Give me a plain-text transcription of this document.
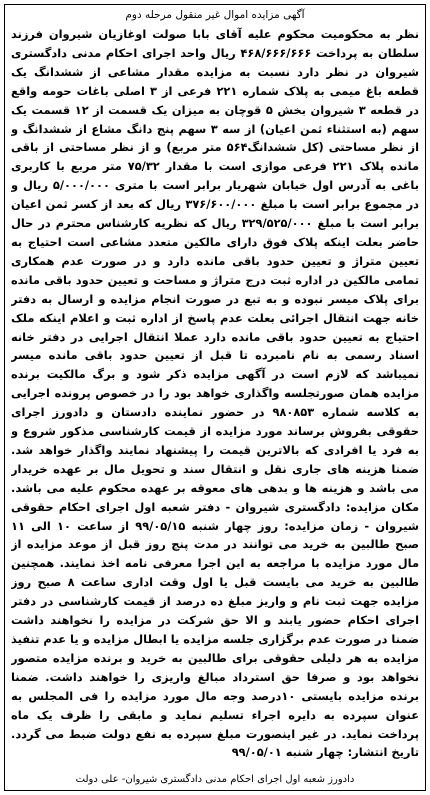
آگهی مزایده اموال غیر منقول مرحله دوم
نظر به محکومیت محکوم علیه آقای بابا صولت اوغازیان شیروان فرزند سلطان به پرداخت ۴۶۸/۶۶۶/۶۶۶ ریال واحد اجرای احکام مدنی دادگستری شیروان در نظر دارد نسبت به مزایده مقدار مشاعی از ششدانگ یک قطعه باغ میمی به پلاک شماره ۲۲۱ فرعی از ۳ اصلی باغات حومه واقع در قطعه ۳ شیروان بخش ۵ قوچان به میزان یک قسمت از ۱۲ قسمت یک سهم (به استثناء ثمن اعیان) از سه ۳ سهم پنج دانگ مشاع از ششدانگ و از نظر مساحتی (کل ششدانگ۵۶۴ متر مربع) و از نظر مساحتی از باقی مانده پلاک ۲۲۱ فرعی موازی است با مقدار ۷۵/۳۲ متر مربع با کاربری باغی به آدرس اول خیابان شهریار برابر است با متری ۵/۰۰۰/۰۰۰ ریال و در مجموع برابر است با مبلغ ۳۷۶/۶۰۰/۰۰۰ ریال که بعد از کسر ثمن اعیان برابر است با مبلغ ۳۲۹/۵۲۵/۰۰۰ ریال که نظریه کارشناس محترم در حال حاضر بعلت اینکه پلاک فوق دارای مالکین متعدد مشاعی است احتیاج به تعیین متراژ و تعیین حدود باقی مانده دارد و در صورت عدم همکاری تمامی مالکین در اداره ثبت درج متراژ و مساحت و تعیین حدود باقی مانده برای پلاک میسر نبوده و به تبع در صورت انجام مزایده و ارسال به دفتر خانه جهت انتقال اجرائی بعلت عدم پاسخ از اداره ثبت و اعلام اینکه ملک احتیاج به تعیین حدود باقی مانده دارد عملا انتقال اجرایی در دفتر خانه اسناد رسمی به نام نامبرده تا قبل از تعیین حدود باقی مانده میسر نمیباشد که لازم است در آگهی مزایده ذکر شود و برگ مالکیت برنده مزایده همان صورتجلسه واگذاری خواهد بود را در خصوص پرونده اجرایی به کلاسه شماره ۹۸۰۸۵۳ در حضور نماینده دادستان و دادورز اجرای حقوقی بفروش برساند مورد مزایده از قیمت کارشناسی مذکور شروع و به فرد یا افرادی که بالاترین قیمت را پیشنهاد نمایند واگذار خواهد شد. ضمنا هزینه های جاری نقل و انتقال سند و تحویل مال بر عهده خریدار می باشد و هزینه ها و بدهی های معوقه بر عهده محکوم علیه می باشد. مکان مزایده: دادگستری شیروان - دفتر شعبه اول اجرای احکام حقوقی شیروان - زمان مزایده: روز چهار شنبه ۹۹/۰۵/۱۵ از ساعت ۱۰ الی ۱۱ صبح طالبین به خرید می توانند در مدت پنج روز قبل از موعد مزایده از مال مورد مزایده با مراجعه به این اجرا معرفی نامه اخذ نمایند. همچنین طالبین به خرید می بایست قبل یا اول وقت اداری ساعت ۸ صبح روز مزایده جهت ثبت نام و واریز مبلغ ده درصد از قیمت کارشناسی در دفتر اجرای احکام حضور یابند و الا حق شرکت در مزایده را نخواهند داشت ضمنا در صورت عدم برگزاری جلسه مزایده یا ابطال مزایده و یا عدم تنفیذ مزایده به هر دلیلی حقوقی برای طالبین به خرید و برنده مزایده متصور نخواهد بود و صرفا حق استرداد مبالغ واریزی را خواهند داشت. ضمنا برنده مزایده بایستی ۱۰درصد وجه مال مورد مزایده را فی المجلس به عنوان سپرده به دایره اجراء تسلیم نماید و مابقی را ظرف یک ماه پرداخت نماید. در غیر اینصورت مبلغ سپرده به نفع دولت ضبط می گردد. تاریخ انتشار: چهار شنبه ۹۹/۰۵/۰۱
دادورز شعبه اول اجرای احکام مدنی دادگستری شیروان- علی دولت
